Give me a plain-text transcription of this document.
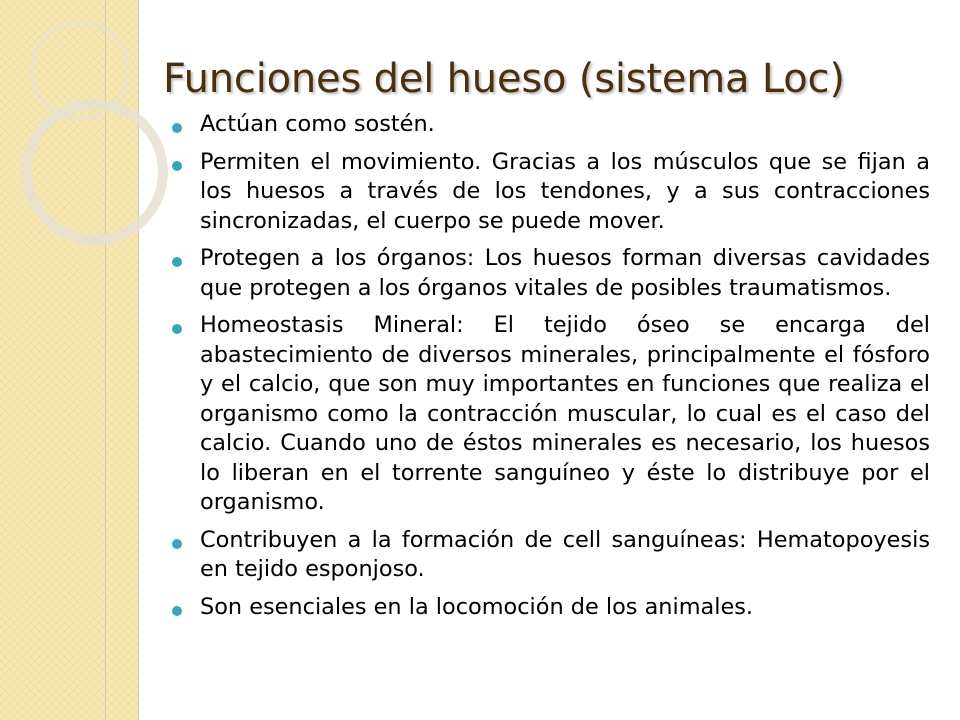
Funciones del hueso (sistema Loc)
Actúan como sostén.
Permiten el movimiento. Gracias a los músculos que se fijan a los huesos a través de los tendones, y a sus contracciones sincronizadas, el cuerpo se puede mover.
Protegen a los órganos: Los huesos forman diversas cavidades que protegen a los órganos vitales de posibles traumatismos.
Homeostasis Mineral: El tejido óseo se encarga del abastecimiento de diversos minerales, principalmente el fósforo y el calcio, que son muy importantes en funciones que realiza el organismo como la contracción muscular, lo cual es el caso del calcio. Cuando uno de éstos minerales es necesario, los huesos lo liberan en el torrente sanguíneo y éste lo distribuye por el organismo.
Contribuyen a la formación de cell sanguíneas: Hematopoyesis en tejido esponjoso.
Son esenciales en la locomoción de los animales.
